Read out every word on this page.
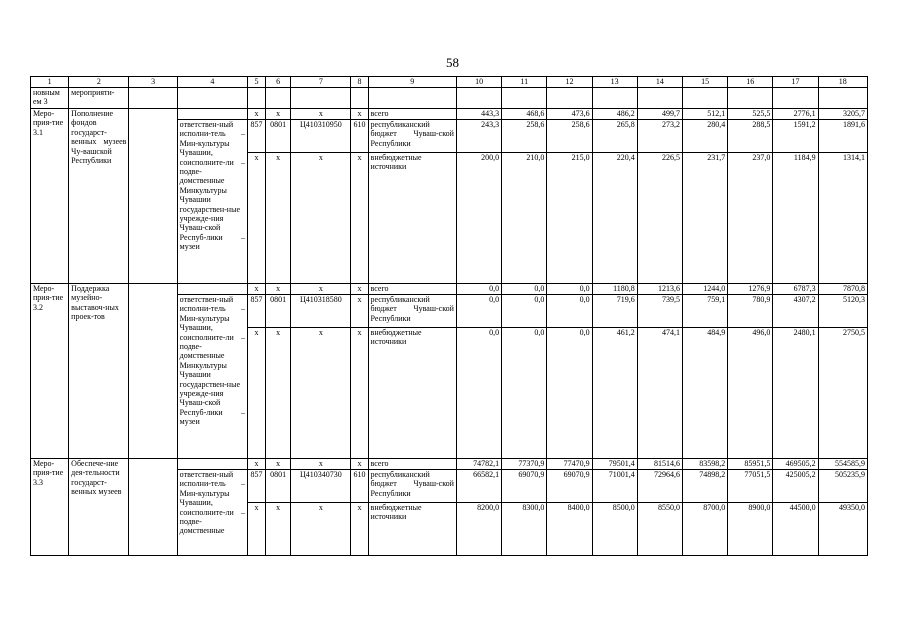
58
1	2	3	4	5	6	7	8	9	10	11	12	13	14	15	16	17	18
новным ем 3	мероприяти-																
Меро-прия-тие 3.1	Пополнение фондов государст-венных музеев Чу-вашской Республики			x	x	x	x	всего	443,3	468,6	473,6	486,2	499,7	512,1	525,5	2776,1	3205,7
			ответствен-ный исполни-тель – Мин-культуры Чувашии, соисполните-ли – подве-домственные Минкультуры Чувашии государствен-ные учрежде-ния Чуваш-ской Респуб-лики – музеи	857	0801	Ц410310950	610	республиканский бюджет Чуваш-ской Республики	243,3	258,6	258,6	265,8	273,2	280,4	288,5	1591,2	1891,6
				x	x	x	x	внебюджетные источники	200,0	210,0	215,0	220,4	226,5	231,7	237,0	1184,9	1314,1
Меро-прия-тие 3.2	Поддержка музейно-выставоч-ных проек-тов			x	x	x	x	всего	0,0	0,0	0,0	1180,8	1213,6	1244,0	1276,9	6787,3	7870,8
			ответствен-ный исполни-тель – Мин-культуры Чувашии, соисполните-ли – подве-домственные Минкультуры Чувашии государствен-ные учрежде-ния Чуваш-ской Респуб-лики – музеи	857	0801	Ц410318580	x	республиканский бюджет Чуваш-ской Республики	0,0	0,0	0,0	719,6	739,5	759,1	780,9	4307,2	5120,3
				x	x	x	x	внебюджетные источники	0,0	0,0	0,0	461,2	474,1	484,9	496,0	2480,1	2750,5
Меро-прия-тие 3.3	Обеспече-ние дея-тельности государст-венных музеев			x	x	x	x	всего	74782,1	77370,9	77470,9	79501,4	81514,6	83598,2	85951,5	469505,2	554585,9
			ответствен-ный исполни-тель – Мин-культуры Чувашии, соисполните-ли – подве-домственные	857	0801	Ц410340730	610	республиканский бюджет Чуваш-ской Республики	66582,1	69070,9	69070,9	71001,4	72964,6	74898,2	77051,5	425005,2	505235,9
				x	x	x	x	внебюджетные источники	8200,0	8300,0	8400,0	8500,0	8550,0	8700,0	8900,0	44500,0	49350,0
